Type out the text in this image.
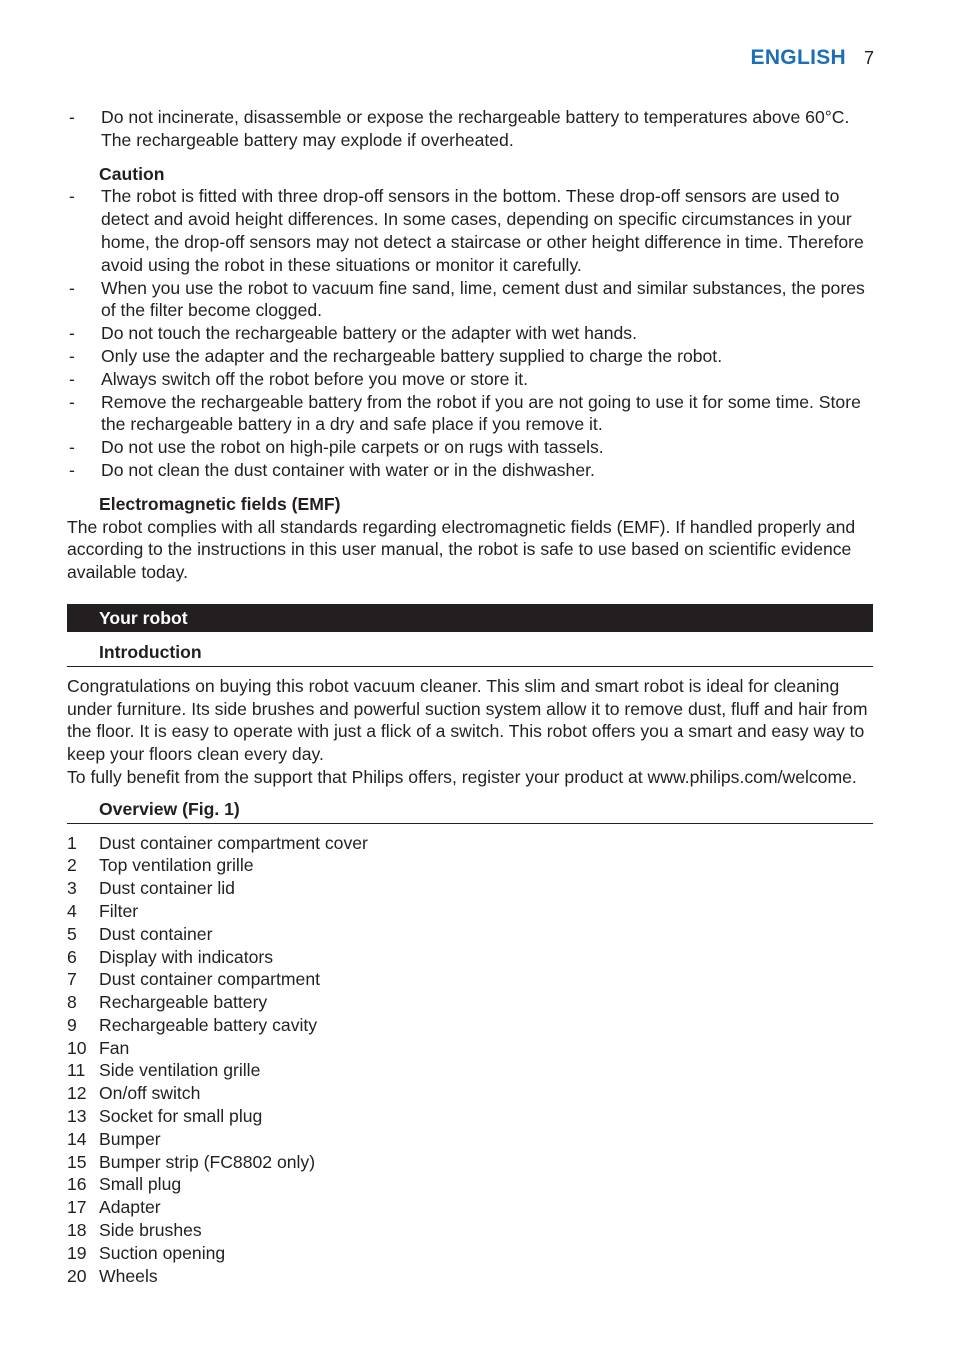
ENGLISH 7
-	Do not incinerate, disassemble or expose the rechargeable battery to temperatures above 60°C. The rechargeable battery may explode if overheated.
Caution
-	The robot is fitted with three drop-off sensors in the bottom. These drop-off sensors are used to detect and avoid height differences. In some cases, depending on specific circumstances in your home, the drop-off sensors may not detect a staircase or other height difference in time. Therefore avoid using the robot in these situations or monitor it carefully.
-	When you use the robot to vacuum fine sand, lime, cement dust and similar substances, the pores of the filter become clogged.
-	Do not touch the rechargeable battery or the adapter with wet hands.
-	Only use the adapter and the rechargeable battery supplied to charge the robot.
-	Always switch off the robot before you move or store it.
-	Remove the rechargeable battery from the robot if you are not going to use it for some time. Store the rechargeable battery in a dry and safe place if you remove it.
-	Do not use the robot on high-pile carpets or on rugs with tassels.
-	Do not clean the dust container with water or in the dishwasher.
Electromagnetic fields (EMF)

The robot complies with all standards regarding electromagnetic fields (EMF). If handled properly and according to the instructions in this user manual, the robot is safe to use based on scientific evidence available today.

Your robot
Introduction

Congratulations on buying this robot vacuum cleaner. This slim and smart robot is ideal for cleaning under furniture. Its side brushes and powerful suction system allow it to remove dust, fluff and hair from the floor. It is easy to operate with just a flick of a switch. This robot offers you a smart and easy way to keep your floors clean every day.

To fully benefit from the support that Philips offers, register your product at www.philips.com/welcome.

Overview (Fig. 1)
1	Dust container compartment cover
2	Top ventilation grille
3	Dust container lid
4	Filter
5	Dust container
6	Display with indicators
7	Dust container compartment
8	Rechargeable battery
9	Rechargeable battery cavity
10 Fan
11 Side ventilation grille
12 On/off switch
13 Socket for small plug
14 Bumper
15 Bumper strip (FC8802 only)
16 Small plug
17 Adapter
18 Side brushes
19 Suction opening
20 Wheels
